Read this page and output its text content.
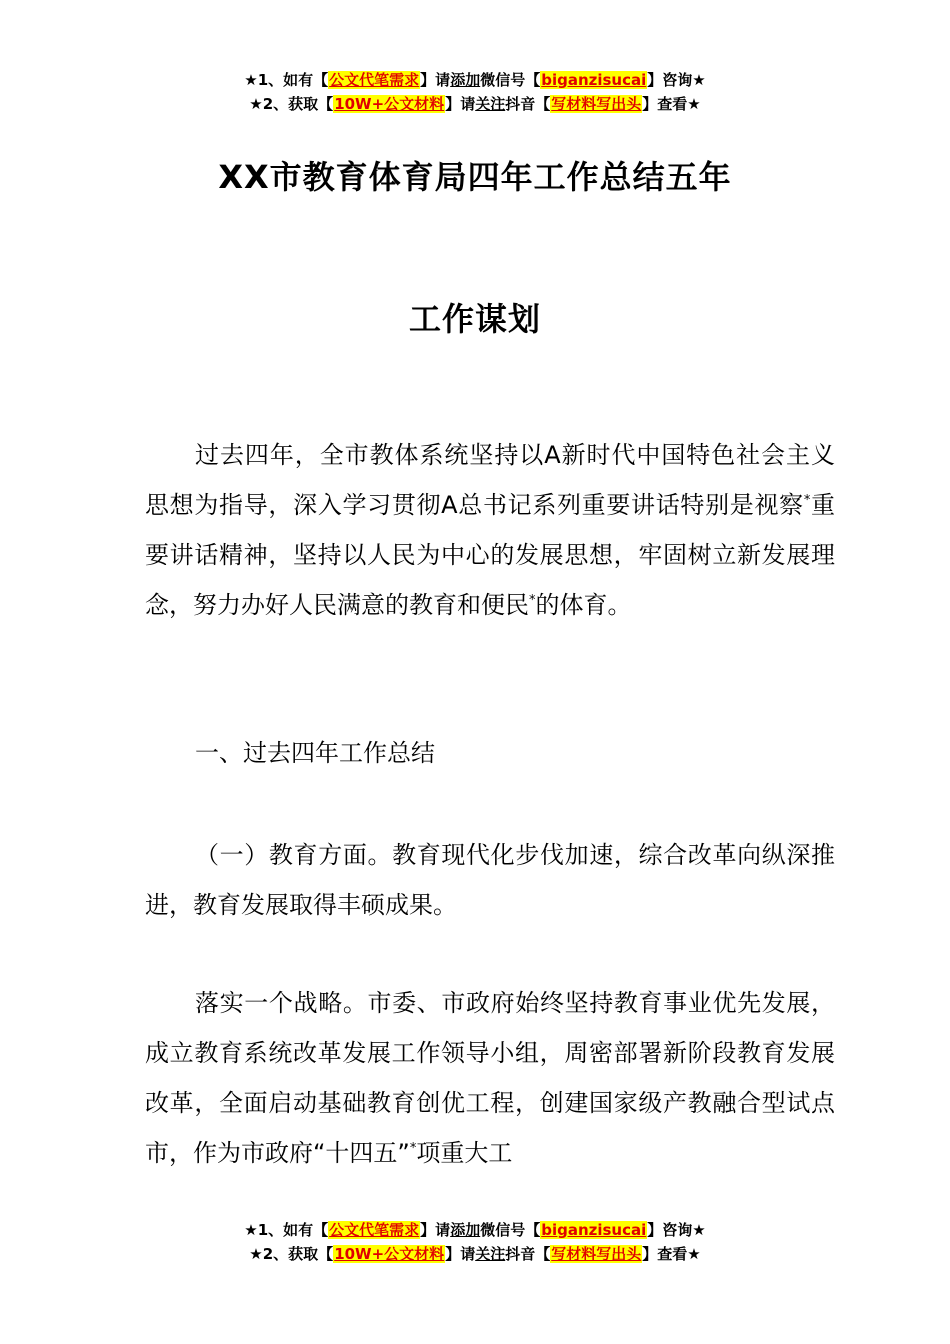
★1、如有【公文代笔需求】请添加微信号【biganzisucai】咨询★
★2、获取【10W+公文材料】请关注抖音【写材料写出头】查看★
XX市教育体育局四年工作总结五年
工作谋划
过去四年，全市教体系统坚持以A新时代中国特色社会主义思想为指导，深入学习贯彻A总书记系列重要讲话特别是视察*重要讲话精神，坚持以人民为中心的发展思想，牢固树立新发展理念，努力办好人民满意的教育和便民*的体育。
一、过去四年工作总结
（一）教育方面。教育现代化步伐加速，综合改革向纵深推进，教育发展取得丰硕成果。
落实一个战略。市委、市政府始终坚持教育事业优先发展，成立教育系统改革发展工作领导小组，周密部署新阶段教育发展改革，全面启动基础教育创优工程，创建国家级产教融合型试点市，作为市政府“十四五”*项重大工
★1、如有【公文代笔需求】请添加微信号【biganzisucai】咨询★
★2、获取【10W+公文材料】请关注抖音【写材料写出头】查看★
